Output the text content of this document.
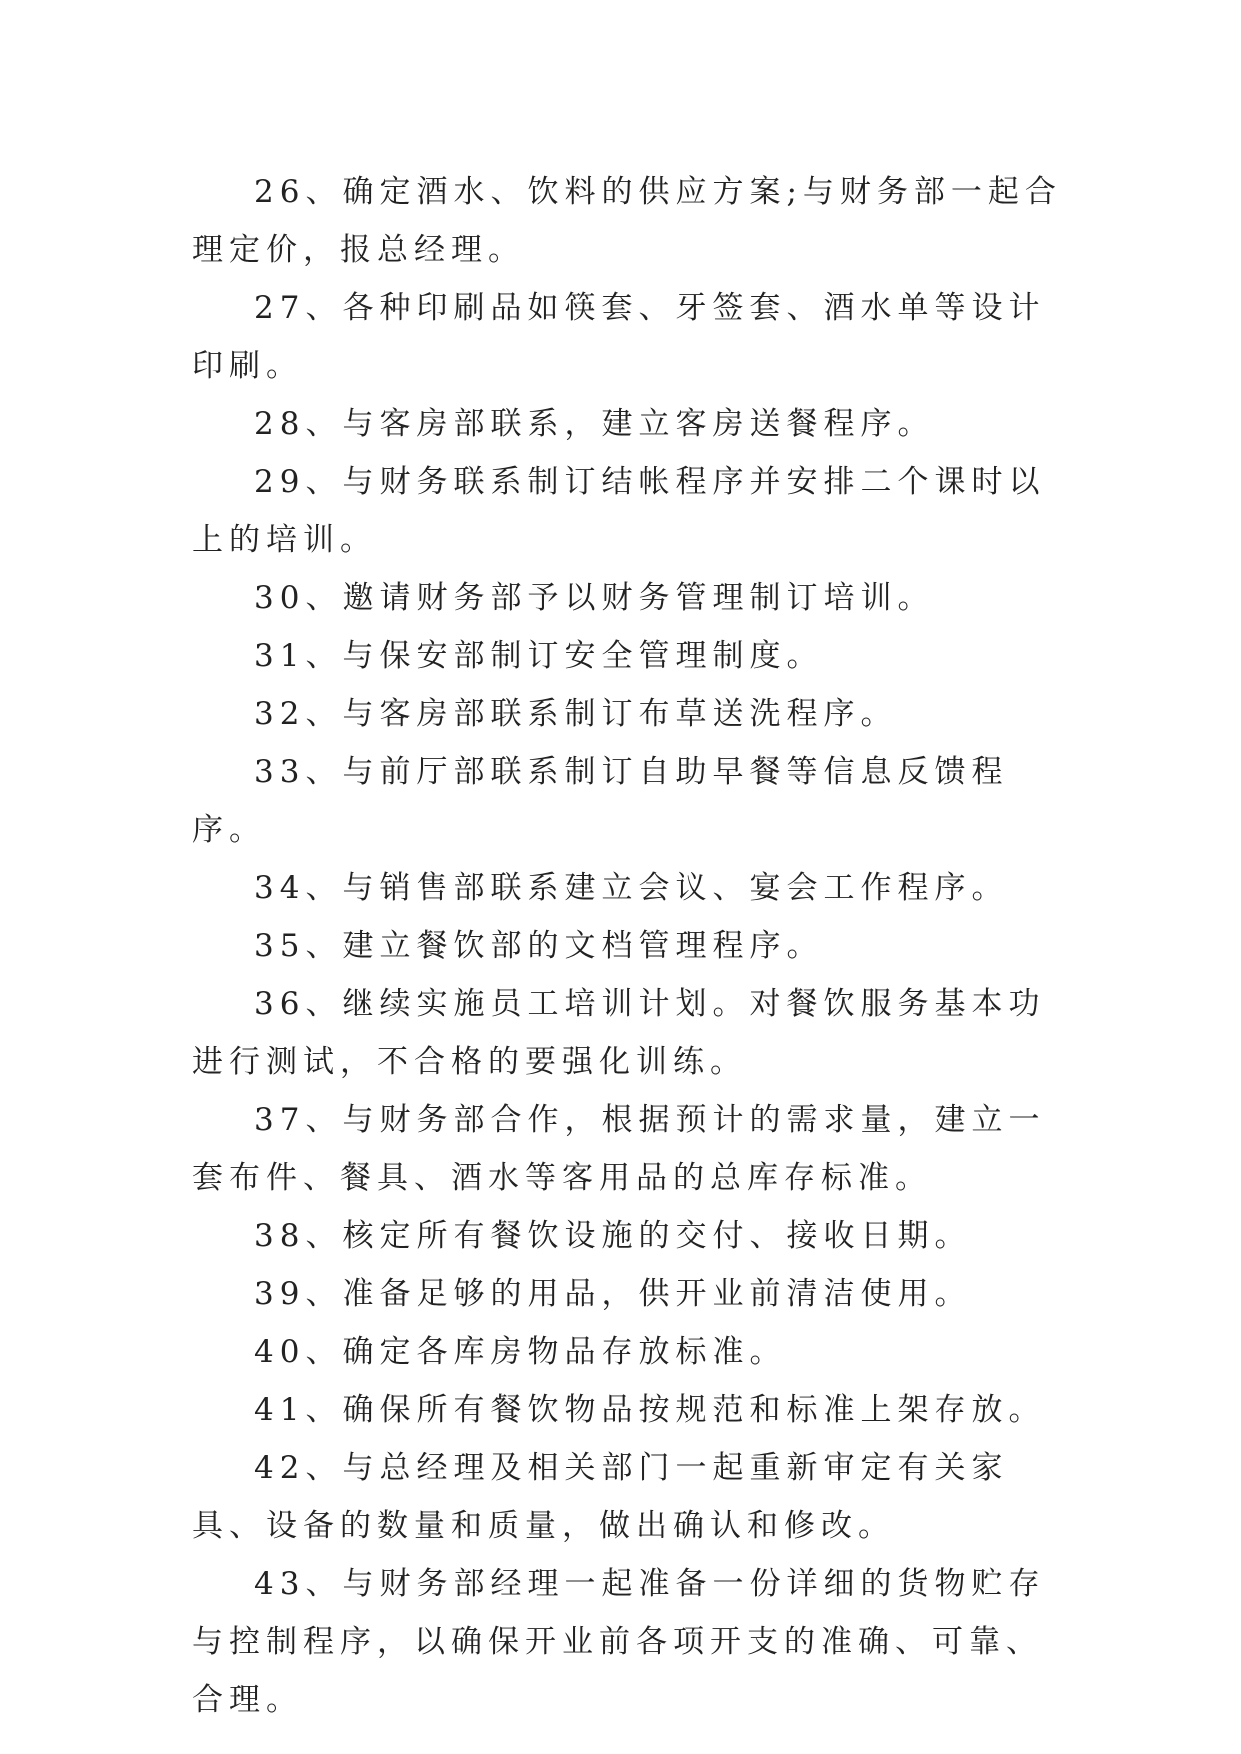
26、确定酒水、饮料的供应方案;与财务部一起合理定价，报总经理。

27、各种印刷品如筷套、牙签套、酒水单等设计印刷。

28、与客房部联系，建立客房送餐程序。

29、与财务联系制订结帐程序并安排二个课时以上的培训。

30、邀请财务部予以财务管理制订培训。

31、与保安部制订安全管理制度。

32、与客房部联系制订布草送洗程序。

33、与前厅部联系制订自助早餐等信息反馈程序。

34、与销售部联系建立会议、宴会工作程序。

35、建立餐饮部的文档管理程序。

36、继续实施员工培训计划。对餐饮服务基本功进行测试，不合格的要强化训练。

37、与财务部合作，根据预计的需求量，建立一套布件、餐具、酒水等客用品的总库存标准。

38、核定所有餐饮设施的交付、接收日期。

39、准备足够的用品，供开业前清洁使用。

40、确定各库房物品存放标准。

41、确保所有餐饮物品按规范和标准上架存放。

42、与总经理及相关部门一起重新审定有关家具、设备的数量和质量，做出确认和修改。

43、与财务部经理一起准备一份详细的货物贮存与控制程序，以确保开业前各项开支的准确、可靠、合理。
